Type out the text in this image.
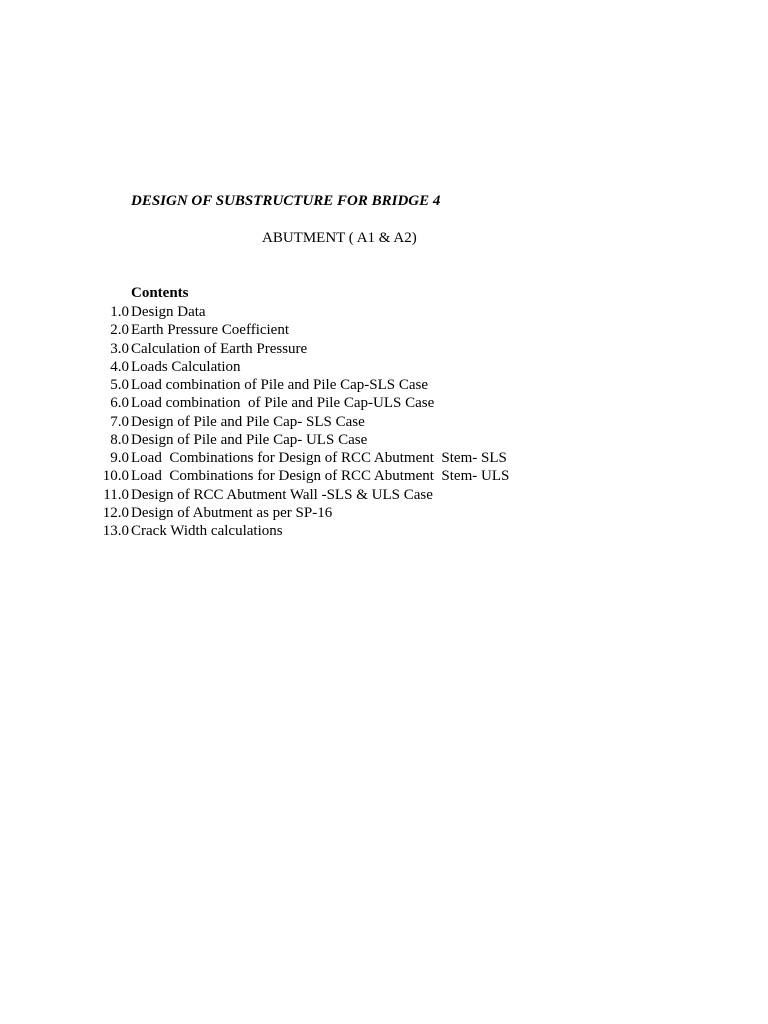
DESIGN OF SUBSTRUCTURE FOR BRIDGE 4
ABUTMENT ( A1 & A2)
Contents
1.0 Design Data
2.0 Earth Pressure Coefficient
3.0 Calculation of Earth Pressure
4.0 Loads Calculation
5.0 Load combination of Pile and Pile Cap-SLS Case
6.0 Load combination  of Pile and Pile Cap-ULS Case
7.0 Design of Pile and Pile Cap- SLS Case
8.0 Design of Pile and Pile Cap- ULS Case
9.0 Load  Combinations for Design of RCC Abutment  Stem- SLS
10.0 Load  Combinations for Design of RCC Abutment  Stem- ULS
11.0 Design of RCC Abutment Wall -SLS & ULS Case
12.0 Design of Abutment as per SP-16
13.0 Crack Width calculations
